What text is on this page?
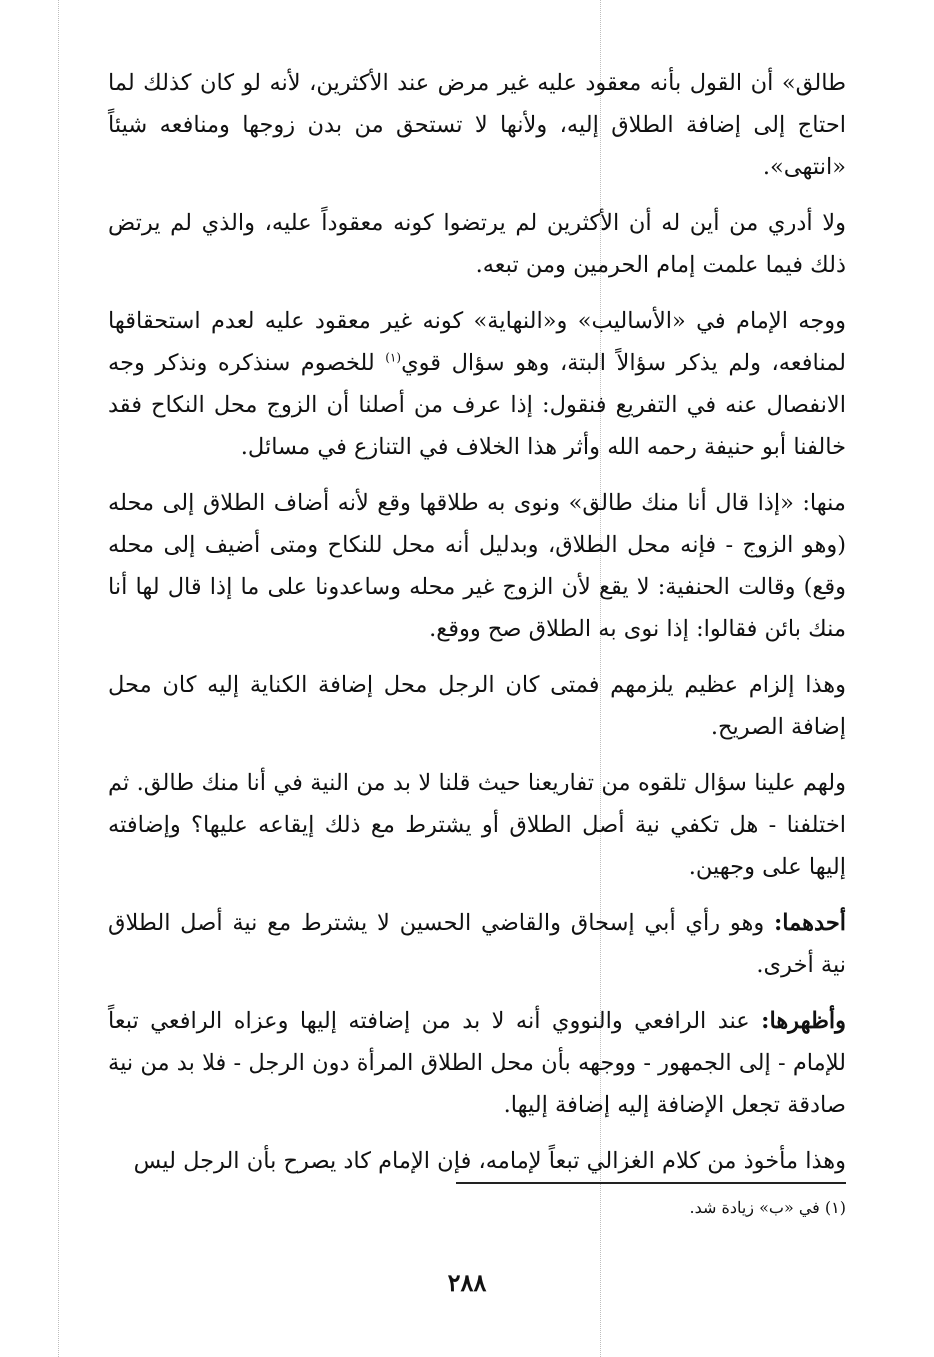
طالق» أن القول بأنه معقود عليه غير مرض عند الأكثرين، لأنه لو كان كذلك لما احتاج إلى إضافة الطلاق إليه، ولأنها لا تستحق من بدن زوجها ومنافعه شيئاً «انتهى».

ولا أدري من أين له أن الأكثرين لم يرتضوا كونه معقوداً عليه، والذي لم يرتض ذلك فيما علمت إمام الحرمين ومن تبعه.

ووجه الإمام في «الأساليب» و«النهاية» كونه غير معقود عليه لعدم استحقاقها لمنافعه، ولم يذكر سؤالاً البتة، وهو سؤال قوي$^{(١)}$ للخصوم سنذكره ونذكر وجه الانفصال عنه في التفريع فنقول: إذا عرف من أصلنا أن الزوج محل النكاح فقد خالفنا أبو حنيفة رحمه الله وأثر هذا الخلاف في التنازع في مسائل.

منها: «إذا قال أنا منك طالق» ونوى به طلاقها وقع لأنه أضاف الطلاق إلى محله (وهو الزوج - فإنه محل الطلاق، وبدليل أنه محل للنكاح ومتى أضيف إلى محله وقع) وقالت الحنفية: لا يقع لأن الزوج غير محله وساعدونا على ما إذا قال لها أنا منك بائن فقالوا: إذا نوى به الطلاق صح ووقع.

وهذا إلزام عظيم يلزمهم فمتى كان الرجل محل إضافة الكناية إليه كان محل إضافة الصريح.

ولهم علينا سؤال تلقوه من تفاريعنا حيث قلنا لا بد من النية في أنا منك طالق. ثم اختلفنا - هل تكفي نية أصل الطلاق أو يشترط مع ذلك إيقاعه عليها؟ وإضافته إليها على وجهين.

أحدهما: وهو رأي أبي إسحاق والقاضي الحسين لا يشترط مع نية أصل الطلاق نية أخرى.

وأظهرها: عند الرافعي والنووي أنه لا بد من إضافته إليها وعزاه الرافعي تبعاً للإمام - إلى الجمهور - ووجهه بأن محل الطلاق المرأة دون الرجل - فلا بد من نية صادقة تجعل الإضافة إليه إضافة إليها.

وهذا مأخوذ من كلام الغزالي تبعاً لإمامه، فإن الإمام كاد يصرح بأن الرجل ليس

(١) في «ب» زيادة شد.
٢٨٨
